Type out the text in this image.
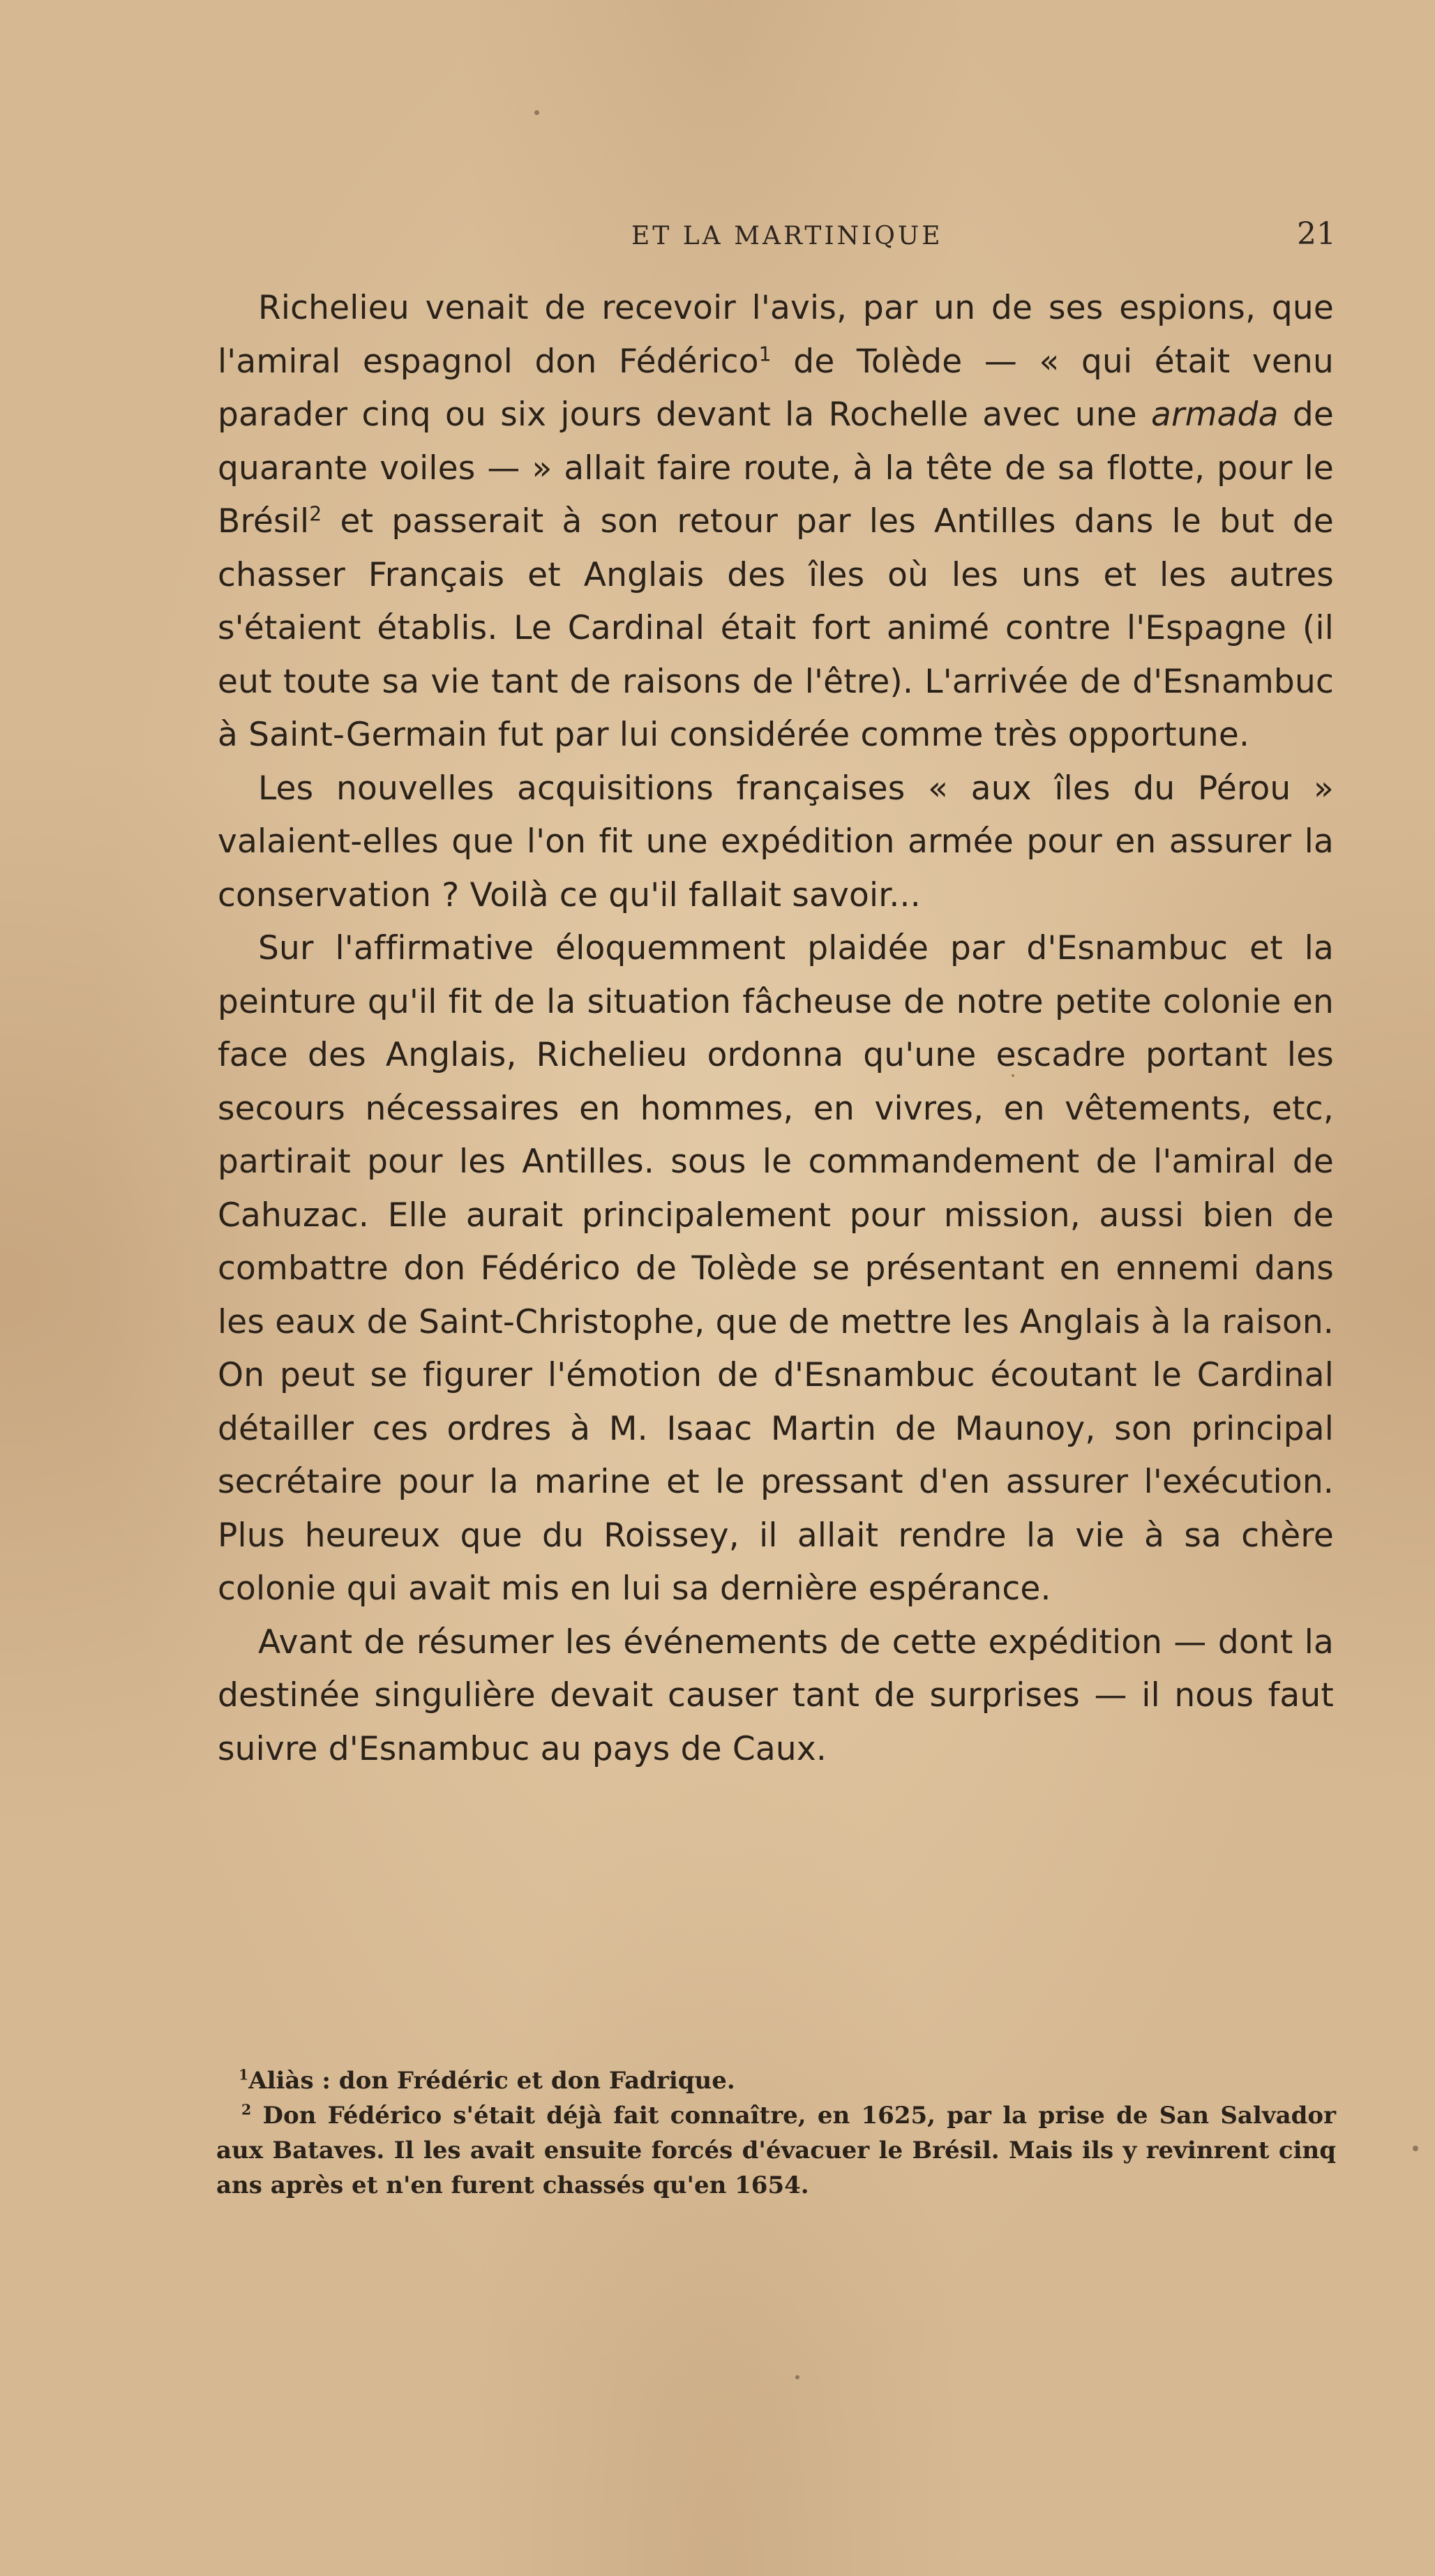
ET LA MARTINIQUE	21

Richelieu venait de recevoir l'avis, par un de ses espions, que l'amiral espagnol don Fédérico$^1$ de Tolède — « qui était venu parader cinq ou six jours devant la Rochelle avec une armada de quarante voiles — » allait faire route, à la tête de sa flotte, pour le Brésil$^2$ et passerait à son retour par les Antilles dans le but de chasser Français et Anglais des îles où les uns et les autres s'étaient établis. Le Cardinal était fort animé contre l'Espagne (il eut toute sa vie tant de raisons de l'être). L'arrivée de d'Esnambuc à Saint-Germain fut par lui considérée comme très opportune.

Les nouvelles acquisitions françaises « aux îles du Pérou » valaient-elles que l'on fit une expédition armée pour en assurer la conservation ? Voilà ce qu'il fallait savoir...

Sur l'affirmative éloquemment plaidée par d'Esnambuc et la peinture qu'il fit de la situation fâcheuse de notre petite colonie en face des Anglais, Richelieu ordonna qu'une escadre portant les secours nécessaires en hommes, en vivres, en vêtements, etc, partirait pour les Antilles. sous le commandement de l'amiral de Cahuzac. Elle aurait principalement pour mission, aussi bien de combattre don Fédérico de Tolède se présentant en ennemi dans les eaux de Saint-Christophe, que de mettre les Anglais à la raison. On peut se figurer l'émotion de d'Esnambuc écoutant le Cardinal détailler ces ordres à M. Isaac Martin de Maunoy, son principal secrétaire pour la marine et le pressant d'en assurer l'exécution. Plus heureux que du Roissey, il allait rendre la vie à sa chère colonie qui avait mis en lui sa dernière espérance.

Avant de résumer les événements de cette expédition — dont la destinée singulière devait causer tant de surprises — il nous faut suivre d'Esnambuc au pays de Caux.

$^1$Aliàs : don Frédéric et don Fadrique.

$^2$ Don Fédérico s'était déjà fait connaître, en 1625, par la prise de San Salvador aux Bataves. Il les avait ensuite forcés d'évacuer le Brésil. Mais ils y revinrent cinq ans après et n'en furent chassés qu'en 1654.
